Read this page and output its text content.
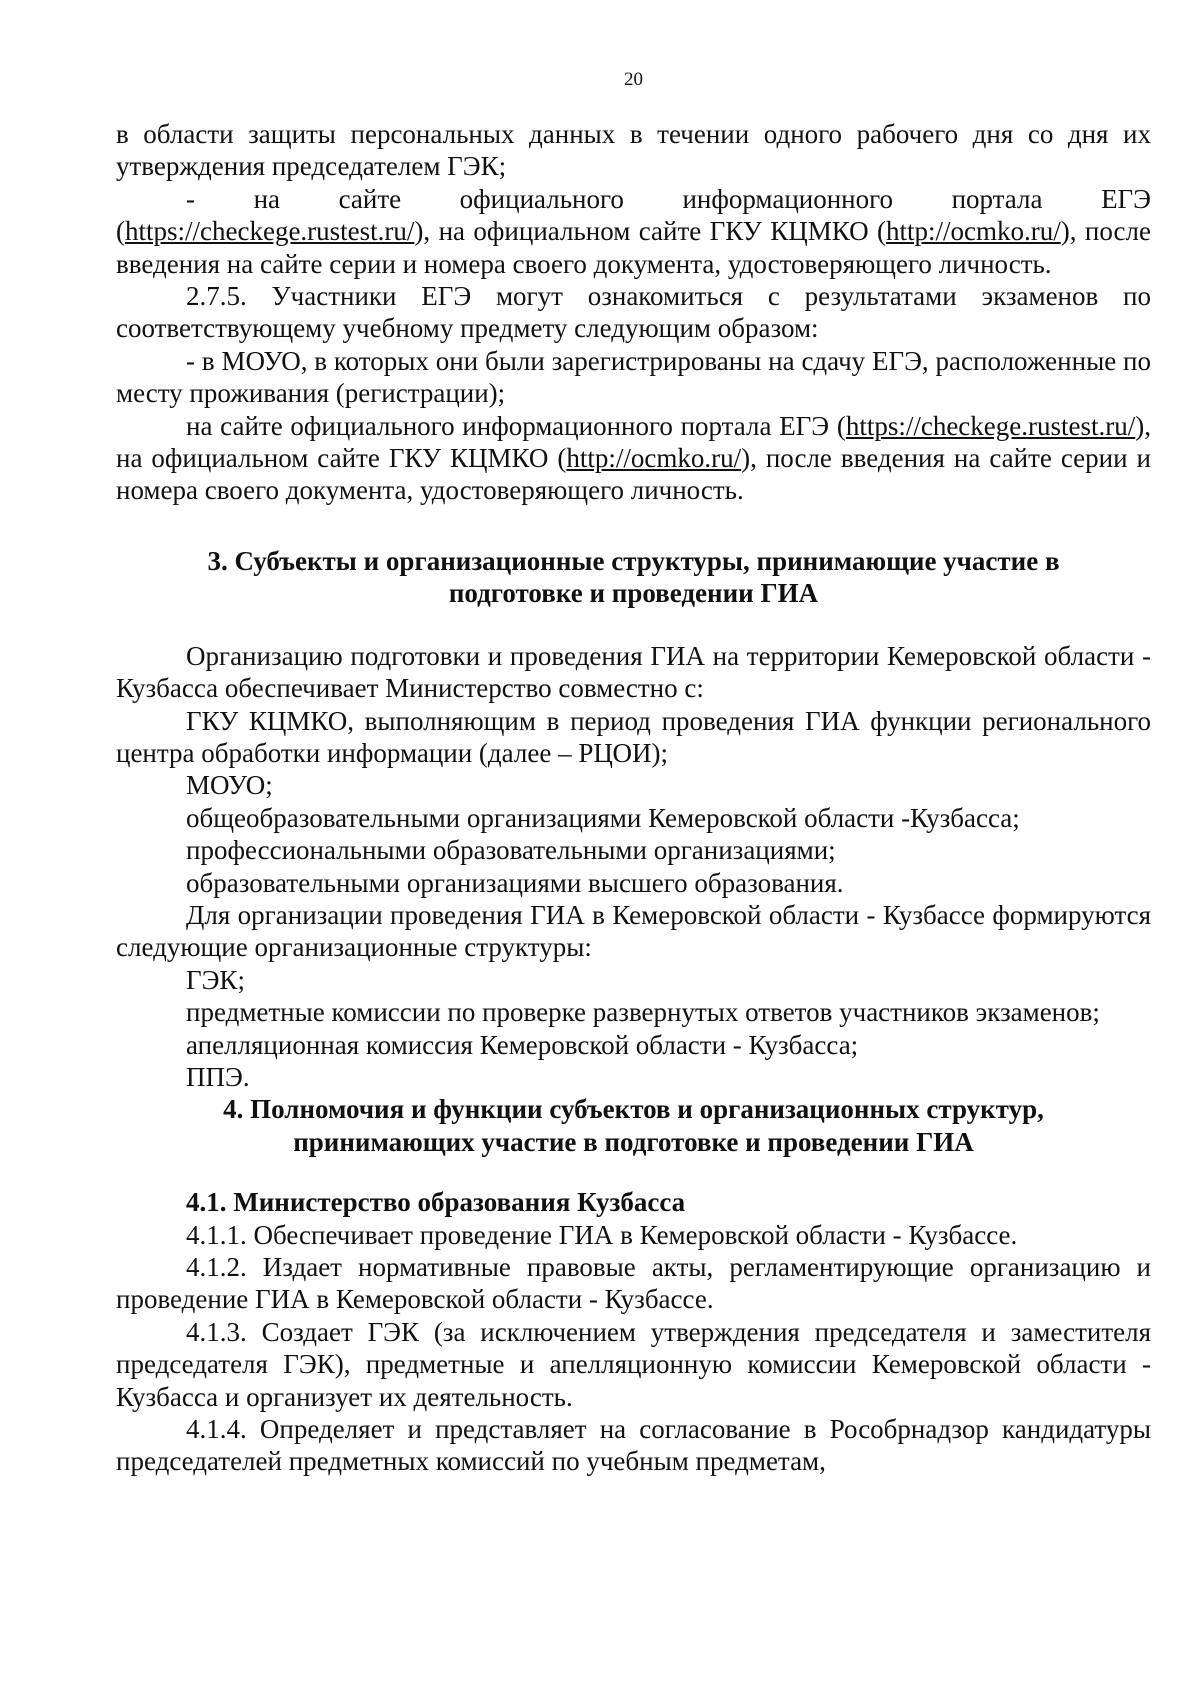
20

в области защиты персональных данных в течении одного рабочего дня со дня их утверждения председателем ГЭК;

- на сайте официального информационного портала ЕГЭ (https://checkege.rustest.ru/), на официальном сайте ГКУ КЦМКО (http://ocmko.ru/), после введения на сайте серии и номера своего документа, удостоверяющего личность.

2.7.5. Участники ЕГЭ могут ознакомиться с результатами экзаменов по соответствующему учебному предмету следующим образом:

- в МОУО, в которых они были зарегистрированы на сдачу ЕГЭ, расположенные по месту проживания (регистрации);

на сайте официального информационного портала ЕГЭ (https://checkege.rustest.ru/), на официальном сайте ГКУ КЦМКО (http://ocmko.ru/), после введения на сайте серии и номера своего документа, удостоверяющего личность.

3. Субъекты и организационные структуры, принимающие участие в
подготовке и проведении ГИА

Организацию подготовки и проведения ГИА на территории Кемеровской области - Кузбасса обеспечивает Министерство совместно с:

ГКУ КЦМКО, выполняющим в период проведения ГИА функции регионального центра обработки информации (далее – РЦОИ);

МОУО;

общеобразовательными организациями Кемеровской области -Кузбасса;

профессиональными образовательными организациями;

образовательными организациями высшего образования.

Для организации проведения ГИА в Кемеровской области - Кузбассе формируются следующие организационные структуры:

ГЭК;

предметные комиссии по проверке развернутых ответов участников экзаменов;

апелляционная комиссия Кемеровской области - Кузбасса;

ППЭ.

4. Полномочия и функции субъектов и организационных структур,
принимающих участие в подготовке и проведении ГИА

4.1. Министерство образования Кузбасса

4.1.1. Обеспечивает проведение ГИА в Кемеровской области - Кузбассе.

4.1.2. Издает нормативные правовые акты, регламентирующие организацию и проведение ГИА в Кемеровской области - Кузбассе.

4.1.3. Создает ГЭК (за исключением утверждения председателя и заместителя председателя ГЭК), предметные и апелляционную комиссии Кемеровской области - Кузбасса и организует их деятельность.

4.1.4. Определяет и представляет на согласование в Рособрнадзор кандидатуры председателей предметных комиссий по учебным предметам,
